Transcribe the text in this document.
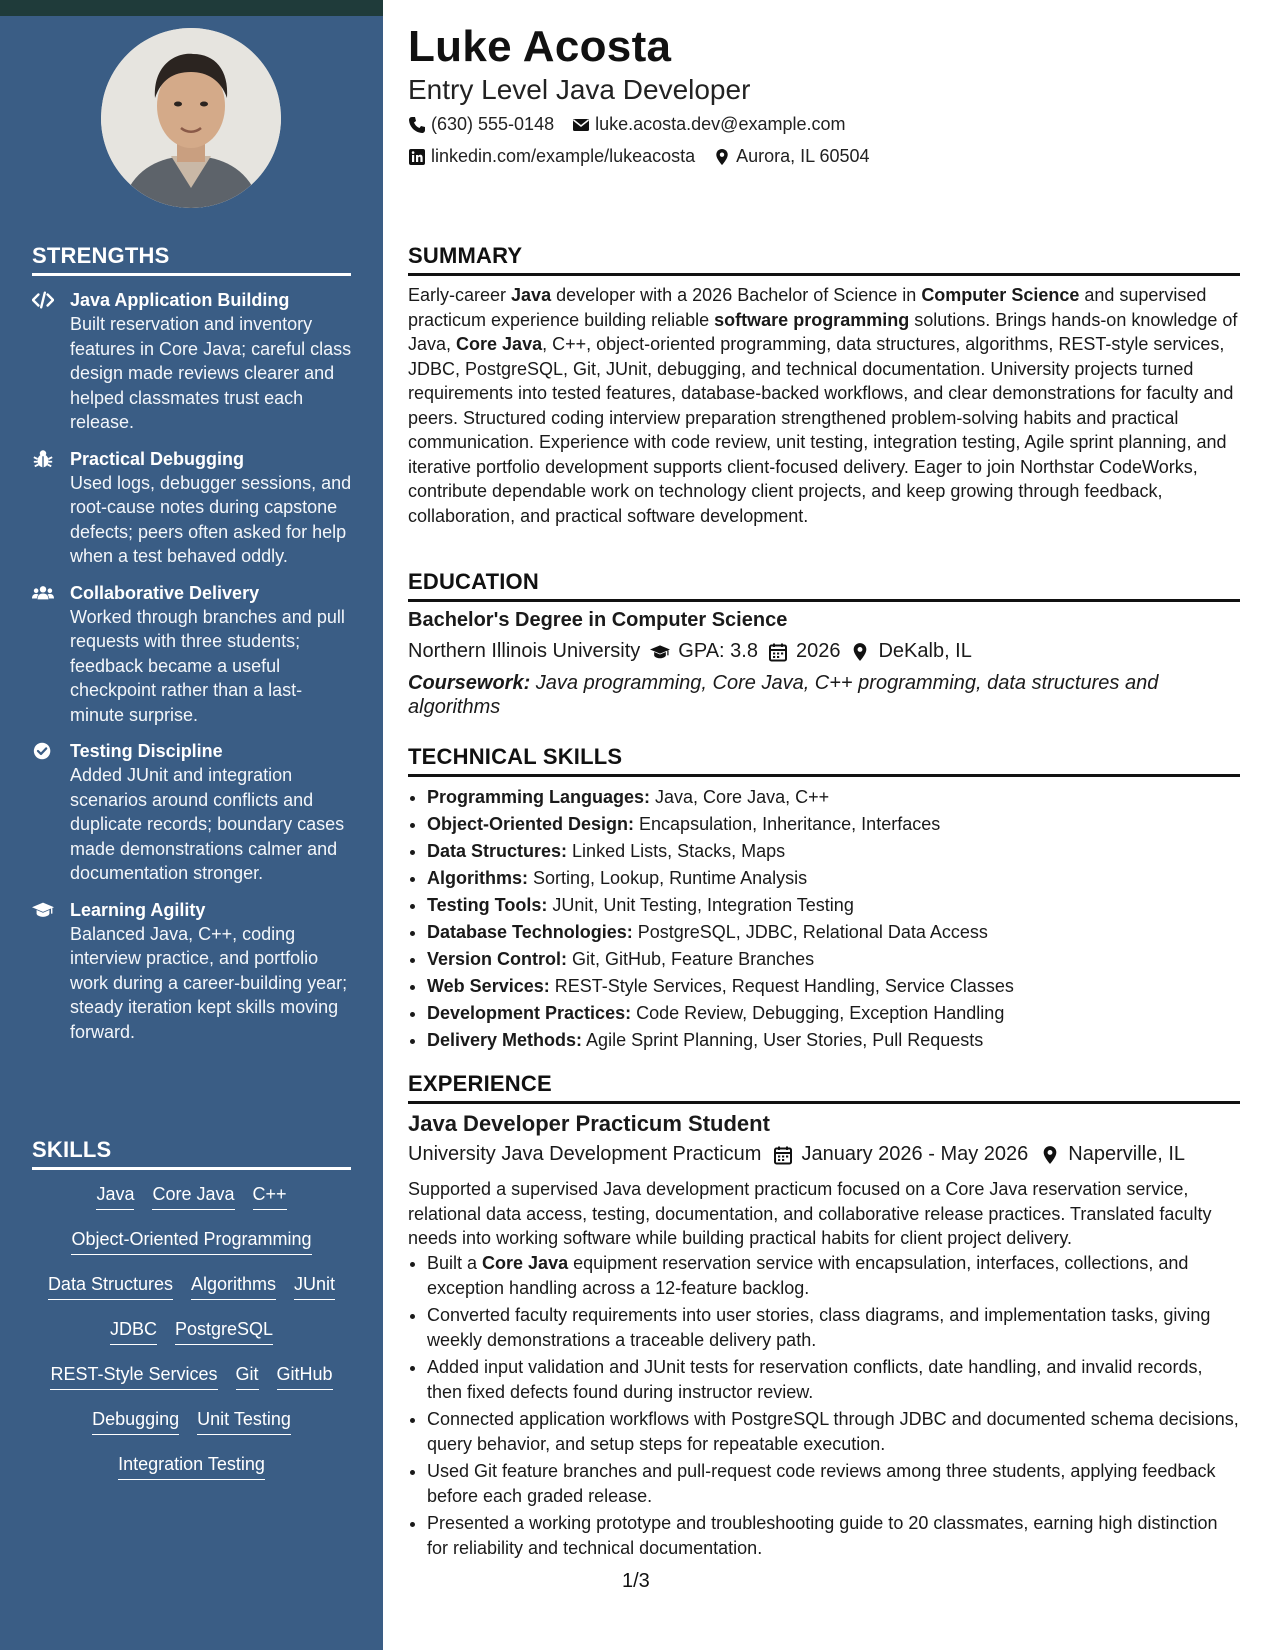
STRENGTHS
Java Application Building
Built reservation and inventory features in Core Java; careful class design made reviews clearer and helped classmates trust each release.
Practical Debugging
Used logs, debugger sessions, and root-cause notes during capstone defects; peers often asked for help when a test behaved oddly.
Collaborative Delivery
Worked through branches and pull requests with three students; feedback became a useful checkpoint rather than a last-minute surprise.
Testing Discipline
Added JUnit and integration scenarios around conflicts and duplicate records; boundary cases made demonstrations calmer and documentation stronger.
Learning Agility
Balanced Java, C++, coding interview practice, and portfolio work during a career-building year; steady iteration kept skills moving forward.
SKILLS
Java Core Java C++
Object-Oriented Programming
Data Structures Algorithms JUnit
JDBC PostgreSQL
REST-Style Services Git GitHub
Debugging Unit Testing
Integration Testing
Luke Acosta
Entry Level Java Developer
(630) 555-0148 luke.acosta.dev@example.com
linkedin.com/example/lukeacosta Aurora, IL 60504
SUMMARY
Early-career Java developer with a 2026 Bachelor of Science in Computer Science and supervised practicum experience building reliable software programming solutions. Brings hands-on knowledge of Java, Core Java, C++, object-oriented programming, data structures, algorithms, REST-style services, JDBC, PostgreSQL, Git, JUnit, debugging, and technical documentation. University projects turned requirements into tested features, database-backed workflows, and clear demonstrations for faculty and peers. Structured coding interview preparation strengthened problem-solving habits and practical communication. Experience with code review, unit testing, integration testing, Agile sprint planning, and iterative portfolio development supports client-focused delivery. Eager to join Northstar CodeWorks, contribute dependable work on technology client projects, and keep growing through feedback, collaboration, and practical software development.
EDUCATION
Bachelor's Degree in Computer Science
Northern Illinois University GPA: 3.8 2026 DeKalb, IL
Coursework: Java programming, Core Java, C++ programming, data structures and algorithms
TECHNICAL SKILLS
• Programming Languages: Java, Core Java, C++
• Object-Oriented Design: Encapsulation, Inheritance, Interfaces
• Data Structures: Linked Lists, Stacks, Maps
• Algorithms: Sorting, Lookup, Runtime Analysis
• Testing Tools: JUnit, Unit Testing, Integration Testing
• Database Technologies: PostgreSQL, JDBC, Relational Data Access
• Version Control: Git, GitHub, Feature Branches
• Web Services: REST-Style Services, Request Handling, Service Classes
• Development Practices: Code Review, Debugging, Exception Handling
• Delivery Methods: Agile Sprint Planning, User Stories, Pull Requests
EXPERIENCE
Java Developer Practicum Student
University Java Development Practicum January 2026 - May 2026 Naperville, IL
Supported a supervised Java development practicum focused on a Core Java reservation service, relational data access, testing, documentation, and collaborative release practices. Translated faculty needs into working software while building practical habits for client project delivery.
• Built a Core Java equipment reservation service with encapsulation, interfaces, collections, and exception handling across a 12-feature backlog.
• Converted faculty requirements into user stories, class diagrams, and implementation tasks, giving weekly demonstrations a traceable delivery path.
• Added input validation and JUnit tests for reservation conflicts, date handling, and invalid records, then fixed defects found during instructor review.
• Connected application workflows with PostgreSQL through JDBC and documented schema decisions, query behavior, and setup steps for repeatable execution.
• Used Git feature branches and pull-request code reviews among three students, applying feedback before each graded release.
• Presented a working prototype and troubleshooting guide to 20 classmates, earning high distinction for reliability and technical documentation.
1/3
